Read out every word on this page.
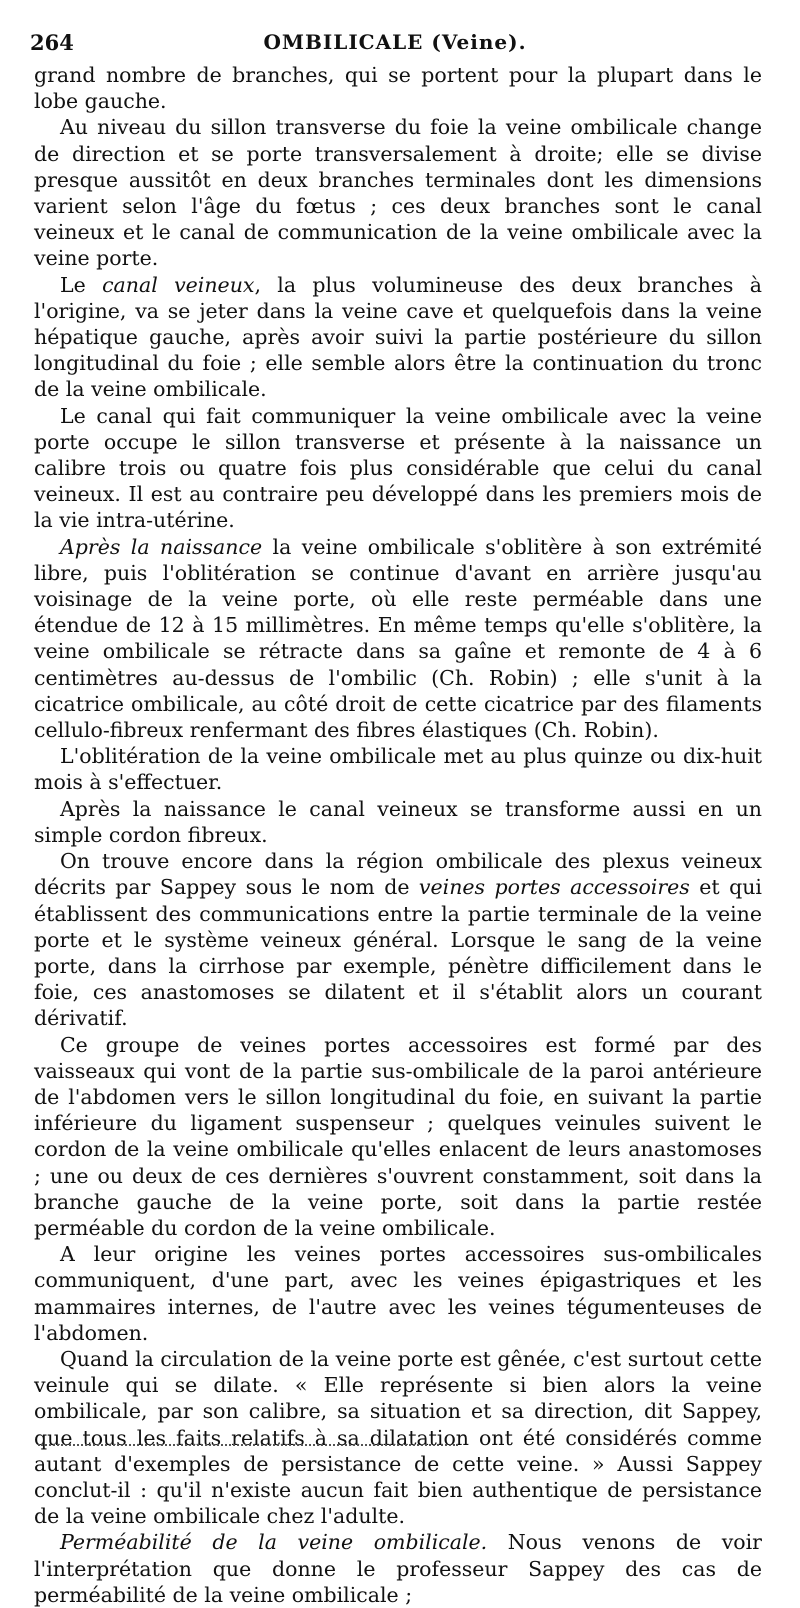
264	OMBILICALE (Veine).

grand nombre de branches, qui se portent pour la plupart dans le lobe gauche.

Au niveau du sillon transverse du foie la veine ombilicale change de direction et se porte transversalement à droite; elle se divise presque aussitôt en deux branches terminales dont les dimensions varient selon l'âge du fœtus ; ces deux branches sont le canal veineux et le canal de communication de la veine ombilicale avec la veine porte.

Le canal veineux, la plus volumineuse des deux branches à l'origine, va se jeter dans la veine cave et quelquefois dans la veine hépatique gauche, après avoir suivi la partie postérieure du sillon longitudinal du foie ; elle semble alors être la continuation du tronc de la veine ombilicale.

Le canal qui fait communiquer la veine ombilicale avec la veine porte occupe le sillon transverse et présente à la naissance un calibre trois ou quatre fois plus considérable que celui du canal veineux. Il est au contraire peu développé dans les premiers mois de la vie intra-utérine.

Après la naissance la veine ombilicale s'oblitère à son extrémité libre, puis l'oblitération se continue d'avant en arrière jusqu'au voisinage de la veine porte, où elle reste perméable dans une étendue de 12 à 15 millimètres. En même temps qu'elle s'oblitère, la veine ombilicale se rétracte dans sa gaîne et remonte de 4 à 6 centimètres au-dessus de l'ombilic (Ch. Robin) ; elle s'unit à la cicatrice ombilicale, au côté droit de cette cicatrice par des filaments cellulo-fibreux renfermant des fibres élastiques (Ch. Robin).

L'oblitération de la veine ombilicale met au plus quinze ou dix-huit mois à s'effectuer.

Après la naissance le canal veineux se transforme aussi en un simple cordon fibreux.

On trouve encore dans la région ombilicale des plexus veineux décrits par Sappey sous le nom de veines portes accessoires et qui établissent des communications entre la partie terminale de la veine porte et le système veineux général. Lorsque le sang de la veine porte, dans la cirrhose par exemple, pénètre difficilement dans le foie, ces anastomoses se dilatent et il s'établit alors un courant dérivatif.

Ce groupe de veines portes accessoires est formé par des vaisseaux qui vont de la partie sus-ombilicale de la paroi antérieure de l'abdomen vers le sillon longitudinal du foie, en suivant la partie inférieure du ligament suspenseur ; quelques veinules suivent le cordon de la veine ombilicale qu'elles enlacent de leurs anastomoses ; une ou deux de ces dernières s'ouvrent constamment, soit dans la branche gauche de la veine porte, soit dans la partie restée perméable du cordon de la veine ombilicale.

A leur origine les veines portes accessoires sus-ombilicales communiquent, d'une part, avec les veines épigastriques et les mammaires internes, de l'autre avec les veines tégumenteuses de l'abdomen.

Quand la circulation de la veine porte est gênée, c'est surtout cette veinule qui se dilate. « Elle représente si bien alors la veine ombilicale, par son calibre, sa situation et sa direction, dit Sappey, que tous les faits relatifs à sa dilatation ont été considérés comme autant d'exemples de persistance de cette veine. » Aussi Sappey conclut-il : qu'il n'existe aucun fait bien authentique de persistance de la veine ombilicale chez l'adulte.

Perméabilité de la veine ombilicale. Nous venons de voir l'interprétation que donne le professeur Sappey des cas de perméabilité de la veine ombilicale ;
